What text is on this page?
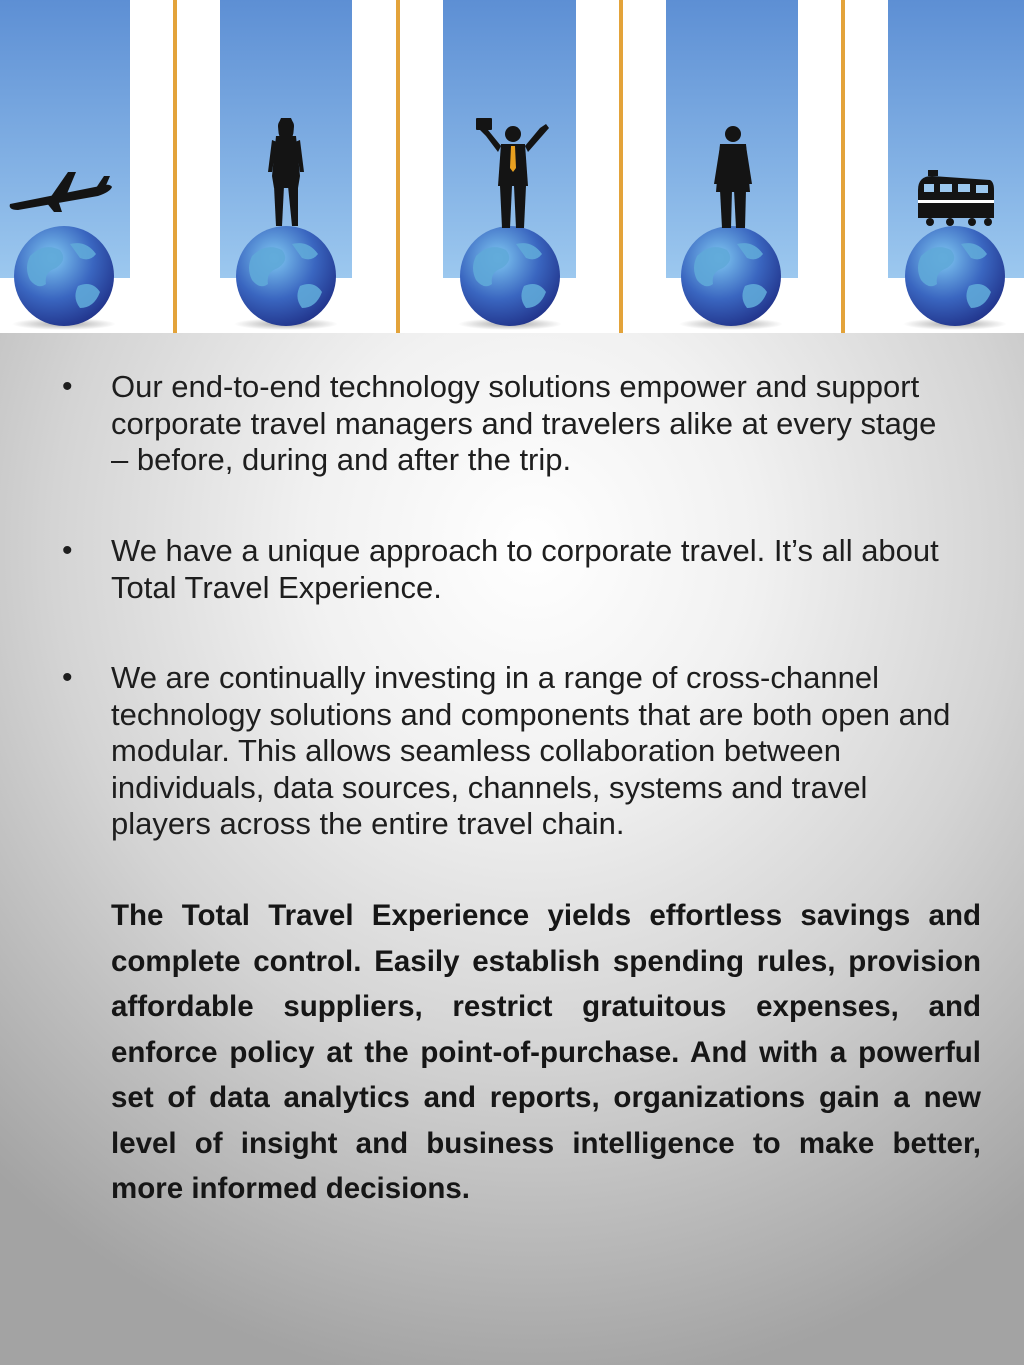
•	Our end-to-end technology solutions empower and support corporate travel managers and travelers alike at every stage – before, during and after the trip.
•	We have a unique approach to corporate travel. It’s all about Total Travel Experience.
•	We are continually investing in a range of cross-channel technology solutions and components that are both open and modular. This allows seamless collaboration between individuals, data sources, channels, systems and travel players across the entire travel chain.

The Total Travel Experience yields effortless savings and complete control. Easily establish spending rules, provision affordable suppliers, restrict gratuitous expenses, and enforce policy at the point-of-purchase. And with a powerful set of data analytics and reports, organizations gain a new level of insight and business intelligence to make better, more informed decisions.
